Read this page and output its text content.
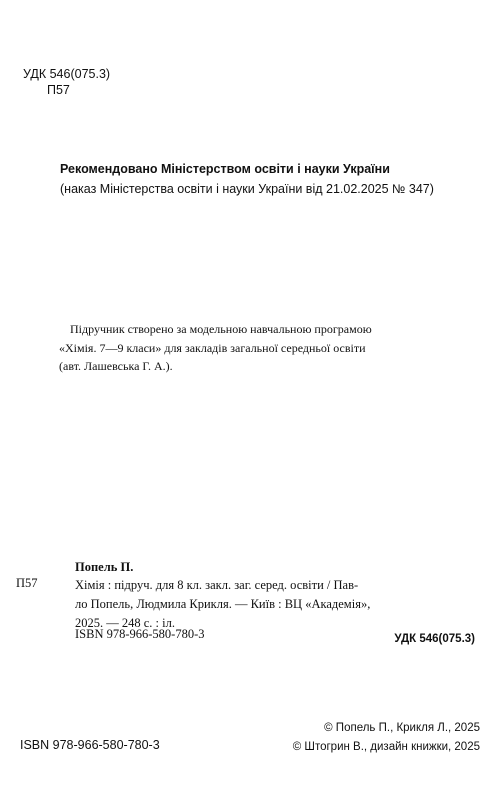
УДК 546(075.3)
П57
Рекомендовано Міністерством освіти і науки України
(наказ Міністерства освіти і науки України від 21.02.2025 № 347)
Підручник створено за модельною навчальною програмою
«Хімія. 7—9 класи» для закладів загальної середньої освіти
(авт. Лашевська Г. А.).
Попель П.
П57	Хімія : підруч. для 8 кл. закл. заг. серед. освіти / Пав-
ло Попель, Людмила Крикля. — Київ : ВЦ «Академія»,
2025. — 248 с. : іл.
ISBN 978-966-580-780-3	УДК 546(075.3)
ISBN 978-966-580-780-3
© Попель П., Крикля Л., 2025
© Штогрин В., дизайн книжки, 2025
